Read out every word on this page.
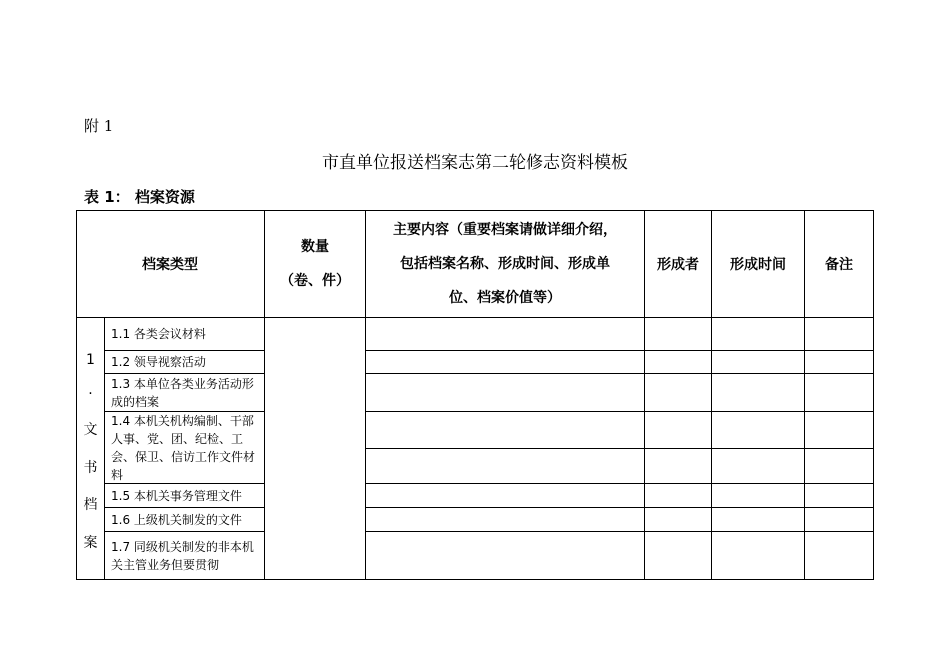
附 1
市直单位报送档案志第二轮修志资料模板
表 1： 档案资源
档案类型
数量
（卷、件）
主要内容（重要档案请做详细介绍，
包括档案名称、形成时间、形成单
位、档案价值等）
形成者	形成时间	备注
1
·
文
书
档
案
1.1 各类会议材料
1.2 领导视察活动
1.3 本单位各类业务活动形成的档案
1.4 本机关机构编制、干部人事、党、团、纪检、工会、保卫、信访工作文件材料
1.5 本机关事务管理文件
1.6 上级机关制发的文件
1.7 同级机关制发的非本机关主管业务但要贯彻
